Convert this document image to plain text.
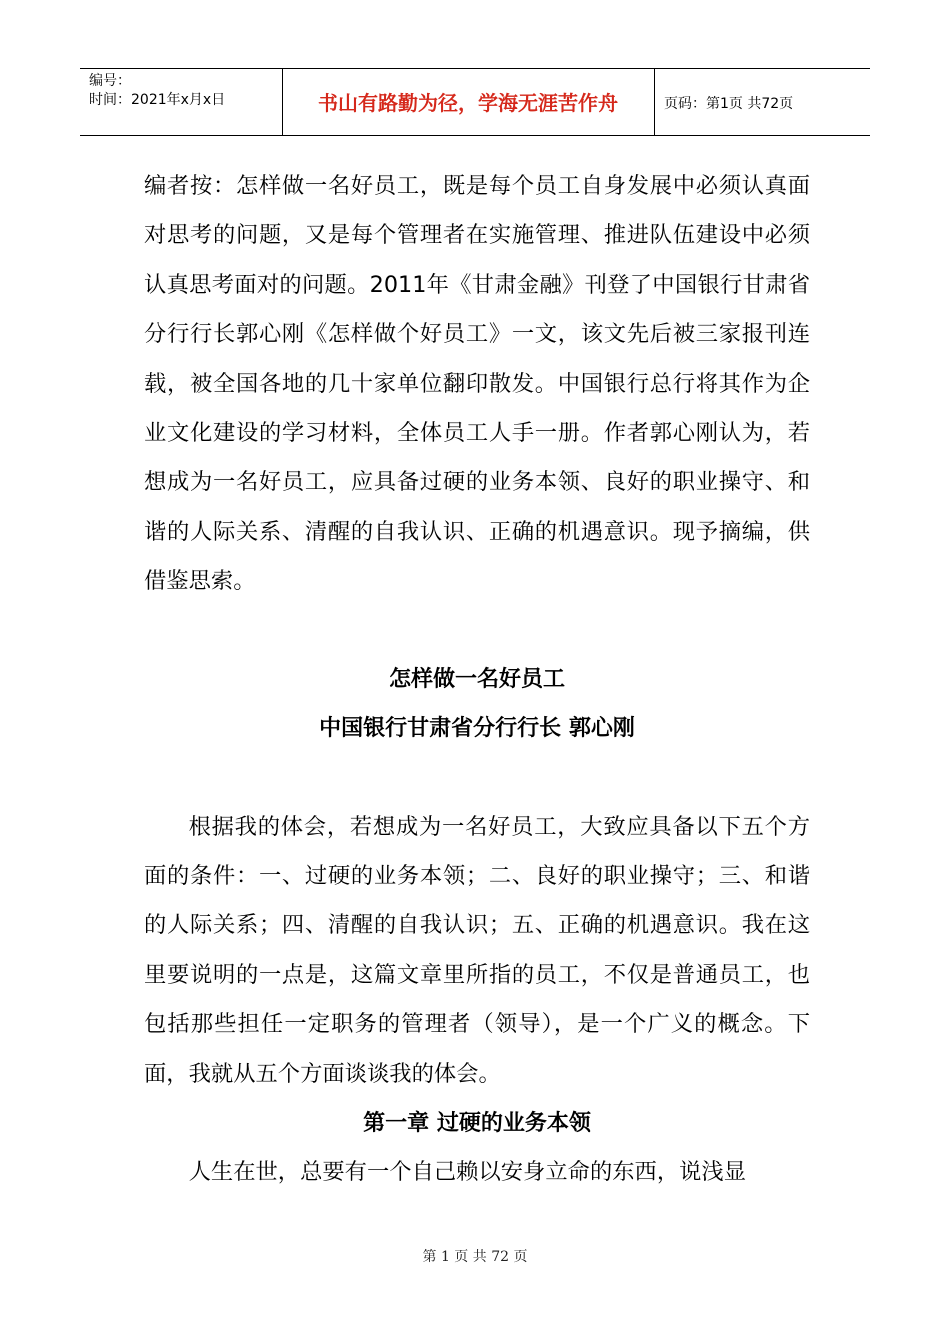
编号：
时间：2021年x月x日	书山有路勤为径，学海无涯苦作舟	页码：第1页 共72页

编者按：怎样做一名好员工，既是每个员工自身发展中必须认真面对思考的问题，又是每个管理者在实施管理、推进队伍建设中必须认真思考面对的问题。2011年《甘肃金融》刊登了中国银行甘肃省分行行长郭心刚《怎样做个好员工》一文，该文先后被三家报刊连载，被全国各地的几十家单位翻印散发。中国银行总行将其作为企业文化建设的学习材料，全体员工人手一册。作者郭心刚认为，若想成为一名好员工，应具备过硬的业务本领、良好的职业操守、和谐的人际关系、清醒的自我认识、正确的机遇意识。现予摘编，供借鉴思索。

怎样做一名好员工

中国银行甘肃省分行行长 郭心刚

根据我的体会，若想成为一名好员工，大致应具备以下五个方面的条件：一、过硬的业务本领；二、良好的职业操守；三、和谐的人际关系；四、清醒的自我认识；五、正确的机遇意识。我在这里要说明的一点是，这篇文章里所指的员工，不仅是普通员工，也包括那些担任一定职务的管理者（领导），是一个广义的概念。下面，我就从五个方面谈谈我的体会。

第一章 过硬的业务本领

人生在世，总要有一个自己赖以安身立命的东西，说浅显

第 1 页 共 72 页
